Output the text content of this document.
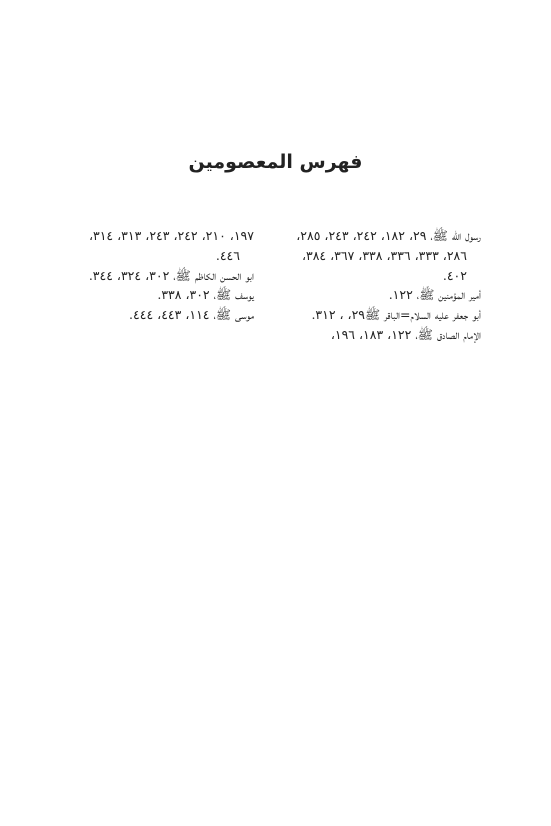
فهرس المعصومين
رسول الله ﷺ، ٢٩، ١٨٢، ٢٤٢، ٢٤٣، ٢٨٥، ٢٨٦، ٣٣٣، ٣٣٦، ٣٣٨، ٣٦٧، ٣٨٤، ٤٠٢.
أمير المؤمنين ﷺ، ١٢٢.
أبو جعفر عليه السلام=الباقر ﷺ٢٩، ، ٣١٢.
الإمام الصادق ﷺ، ١٢٢، ١٨٣، ١٩٦،
١٩٧، ٢١٠، ٢٤٢، ٢٤٣، ٣١٣، ٣١٤، ٤٤٦.
ابو الحسن الكاظم ﷺ، ٣٠٢، ٣٢٤، ٣٤٤.
يوسف ﷺ، ٣٠٢، ٣٣٨.
موسى ﷺ، ١١٤، ٤٤٣، ٤٤٤.
